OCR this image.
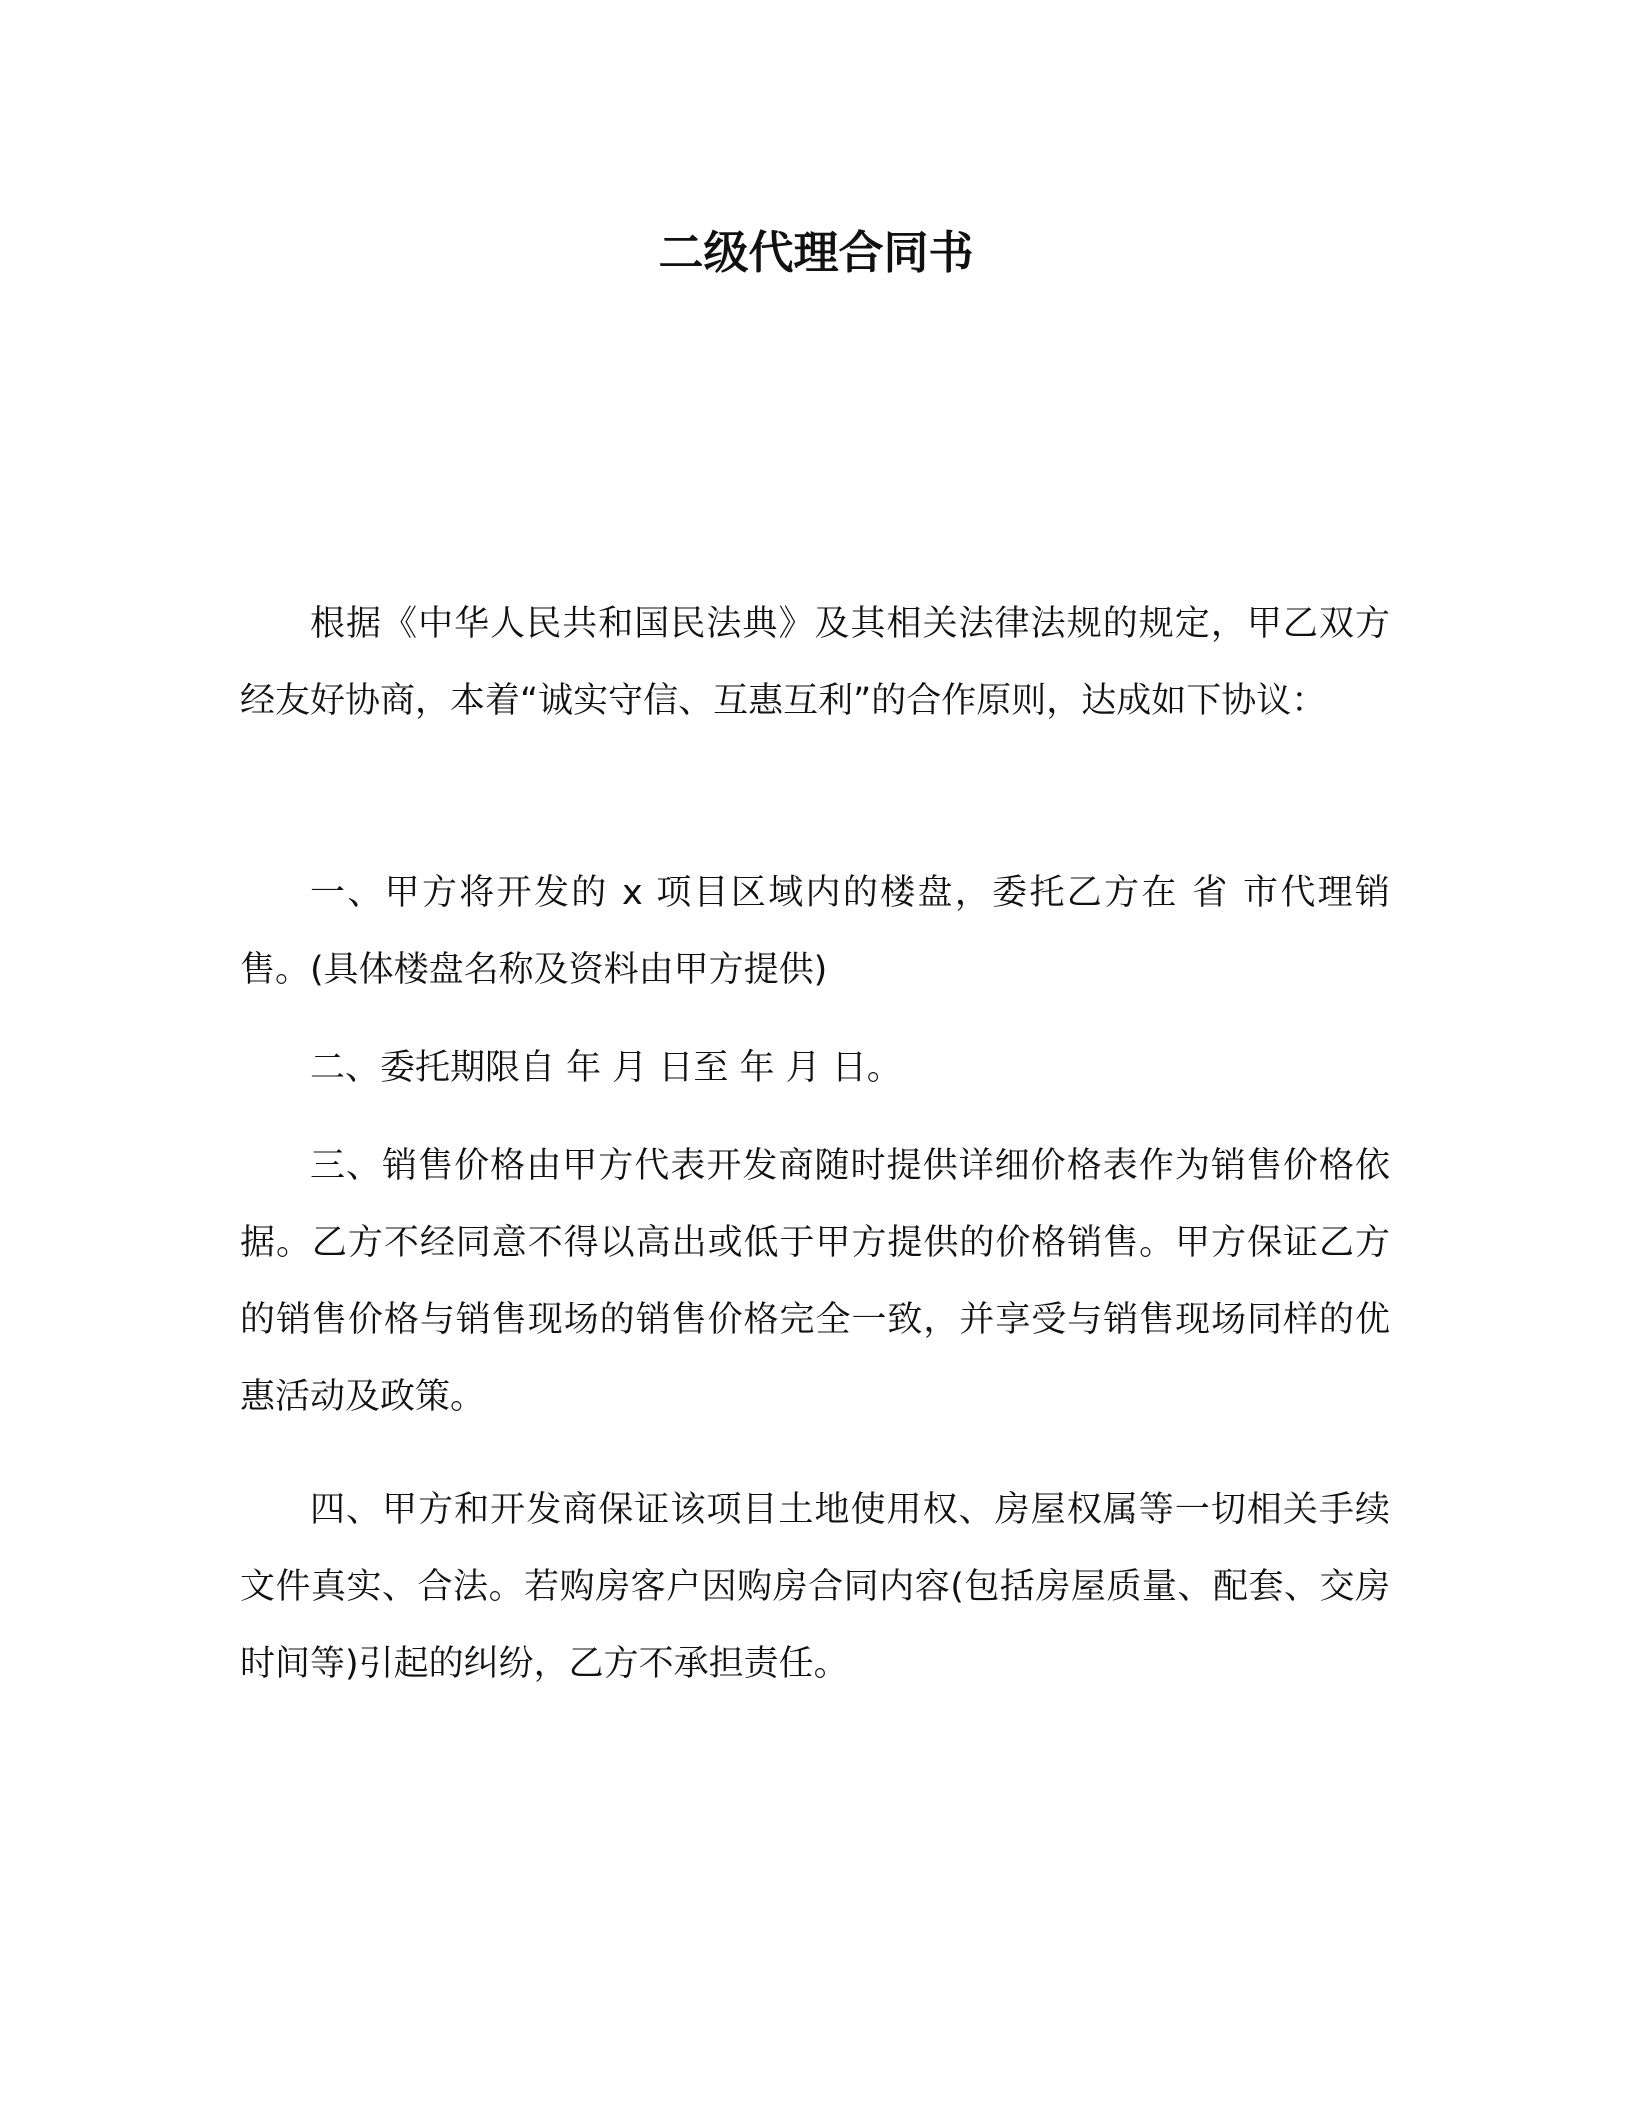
二级代理合同书

根据《中华人民共和国民法典》及其相关法律法规的规定，甲乙双方经友好协商，本着“诚实守信、互惠互利”的合作原则，达成如下协议：

一、甲方将开发的 x 项目区域内的楼盘，委托乙方在 省 市代理销售。(具体楼盘名称及资料由甲方提供)

二、委托期限自 年 月 日至 年 月 日。

三、销售价格由甲方代表开发商随时提供详细价格表作为销售价格依据。乙方不经同意不得以高出或低于甲方提供的价格销售。甲方保证乙方的销售价格与销售现场的销售价格完全一致，并享受与销售现场同样的优惠活动及政策。

四、甲方和开发商保证该项目土地使用权、房屋权属等一切相关手续文件真实、合法。若购房客户因购房合同内容(包括房屋质量、配套、交房时间等)引起的纠纷，乙方不承担责任。
